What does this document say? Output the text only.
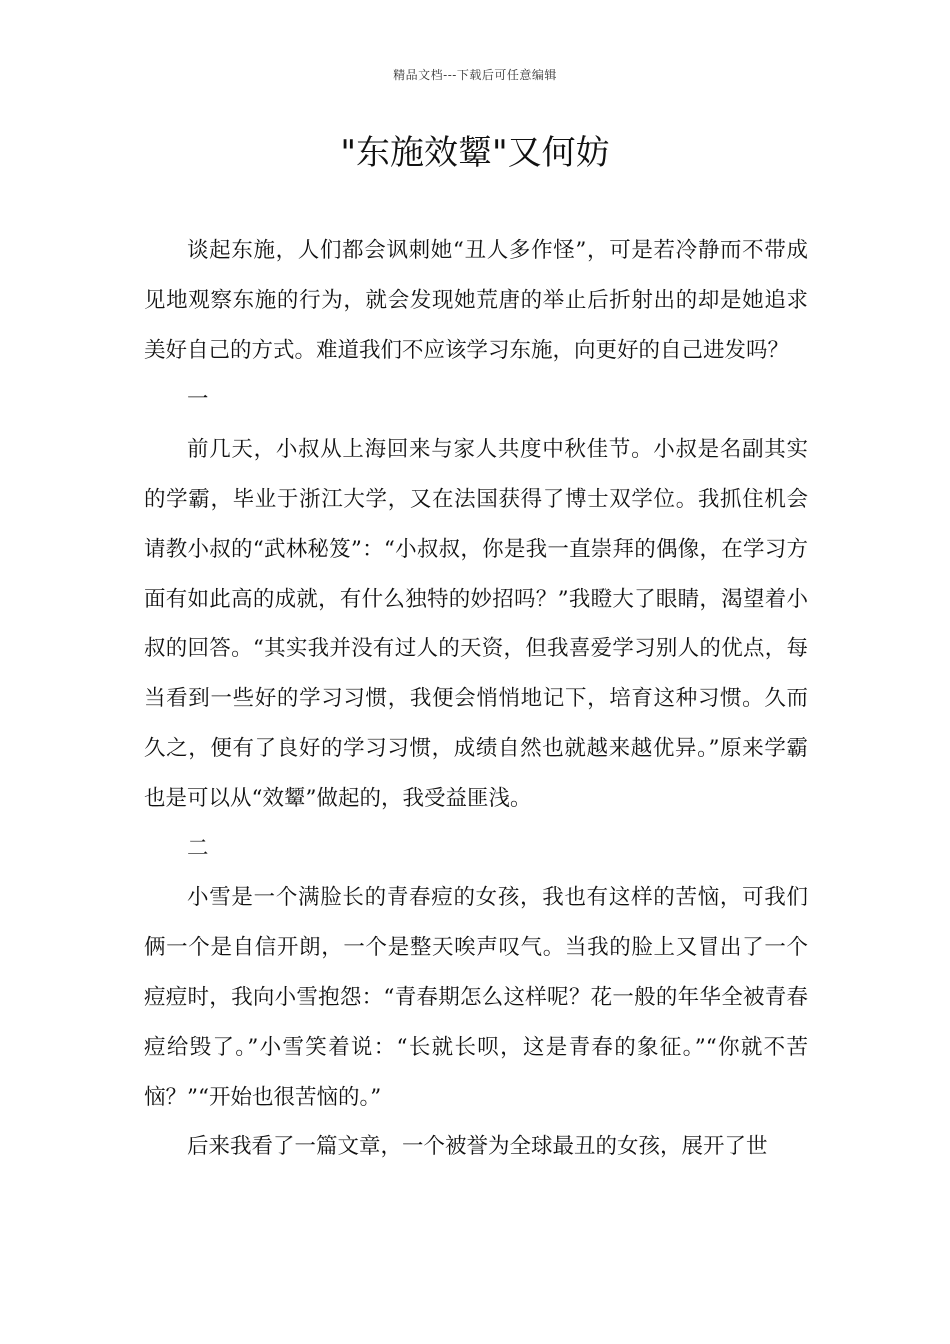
精品文档---下载后可任意编辑
"东施效颦"又何妨

谈起东施，人们都会讽刺她“丑人多作怪”，可是若冷静而不带成见地观察东施的行为，就会发现她荒唐的举止后折射出的却是她追求美好自己的方式。难道我们不应该学习东施，向更好的自己进发吗？

一

前几天，小叔从上海回来与家人共度中秋佳节。小叔是名副其实的学霸，毕业于浙江大学，又在法国获得了博士双学位。我抓住机会请教小叔的“武林秘笈”：“小叔叔，你是我一直崇拜的偶像，在学习方面有如此高的成就，有什么独特的妙招吗？”我瞪大了眼睛，渴望着小叔的回答。“其实我并没有过人的天资，但我喜爱学习别人的优点，每当看到一些好的学习习惯，我便会悄悄地记下，培育这种习惯。久而久之，便有了良好的学习习惯，成绩自然也就越来越优异。”原来学霸也是可以从“效颦”做起的，我受益匪浅。

二

小雪是一个满脸长的青春痘的女孩，我也有这样的苦恼，可我们俩一个是自信开朗，一个是整天唉声叹气。当我的脸上又冒出了一个痘痘时，我向小雪抱怨：“青春期怎么这样呢？花一般的年华全被青春痘给毁了。”小雪笑着说：“长就长呗，这是青春的象征。”“你就不苦恼？”“开始也很苦恼的。”

后来我看了一篇文章，一个被誉为全球最丑的女孩，展开了世
